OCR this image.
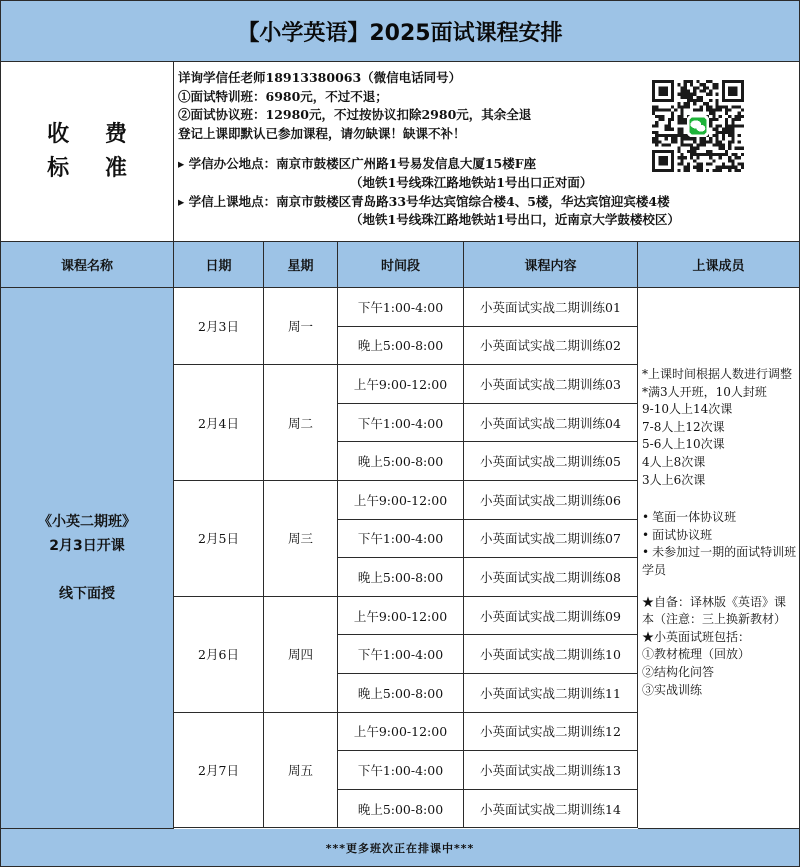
【小学英语】2025面试课程安排
收 费
标 准
详询学信任老师18913380063（微信电话同号）
①面试特训班：6980元，不过不退；
②面试协议班：12980元，不过按协议扣除2980元，其余全退
登记上课即默认已参加课程，请勿缺课！缺课不补！
▸ 学信办公地点：南京市鼓楼区广州路1号易发信息大厦15楼F座
（地铁1号线珠江路地铁站1号出口正对面）
▸ 学信上课地点：南京市鼓楼区青岛路33号华达宾馆综合楼4、5楼，华达宾馆迎宾楼4楼
（地铁1号线珠江路地铁站1号出口，近南京大学鼓楼校区）
课程名称	日期	星期	时间段	课程内容	上课成员
《小英二期班》
2月3日开课
线下面授
2月3日	周一
下午1:00-4:00	小英面试实战二期训练01
晚上5:00-8:00	小英面试实战二期训练02
2月4日	周二
上午9:00-12:00	小英面试实战二期训练03
下午1:00-4:00	小英面试实战二期训练04
晚上5:00-8:00	小英面试实战二期训练05
2月5日	周三
上午9:00-12:00	小英面试实战二期训练06
下午1:00-4:00	小英面试实战二期训练07
晚上5:00-8:00	小英面试实战二期训练08
2月6日	周四
上午9:00-12:00	小英面试实战二期训练09
下午1:00-4:00	小英面试实战二期训练10
晚上5:00-8:00	小英面试实战二期训练11
2月7日	周五
上午9:00-12:00	小英面试实战二期训练12
下午1:00-4:00	小英面试实战二期训练13
晚上5:00-8:00	小英面试实战二期训练14
*上课时间根据人数进行调整
*满3人开班，10人封班
9-10人上14次课
7-8人上12次课
5-6人上10次课
4人上8次课
3人上6次课
• 笔面一体协议班
• 面试协议班
• 未参加过一期的面试特训班学员
★自备：译林版《英语》课本（注意：三上换新教材）
★小英面试班包括：
①教材梳理（回放）
②结构化问答
③实战训练
***更多班次正在排课中***
